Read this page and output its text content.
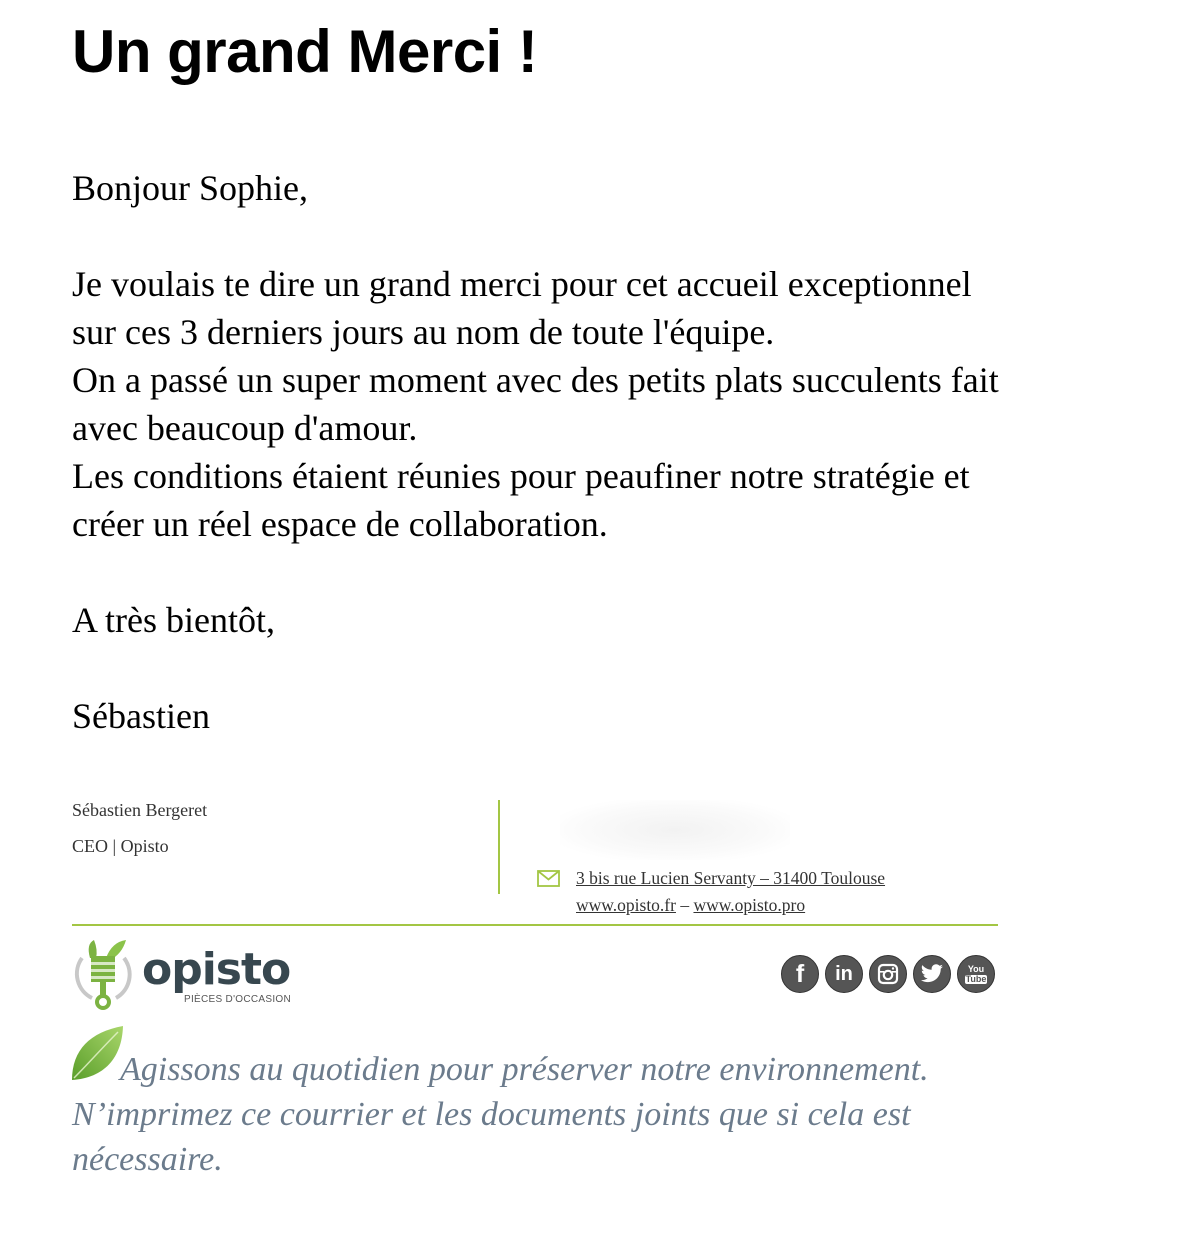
Un grand Merci !
Bonjour Sophie,
Je voulais te dire un grand merci pour cet accueil exceptionnel
sur ces 3 derniers jours au nom de toute l'équipe.
On a passé un super moment avec des petits plats succulents fait
avec beaucoup d'amour.
Les conditions étaient réunies pour peaufiner notre stratégie et
créer un réel espace de collaboration.
A très bientôt,
Sébastien
Sébastien Bergeret
CEO | Opisto
3 bis rue Lucien Servanty – 31400 Toulouse
www.opisto.fr – www.opisto.pro
opisto
PIÈCES D'OCCASION
f in	You
Tube
Agissons au quotidien pour préserver notre environnement.
N’imprimez ce courrier et les documents joints que si cela est
nécessaire.
